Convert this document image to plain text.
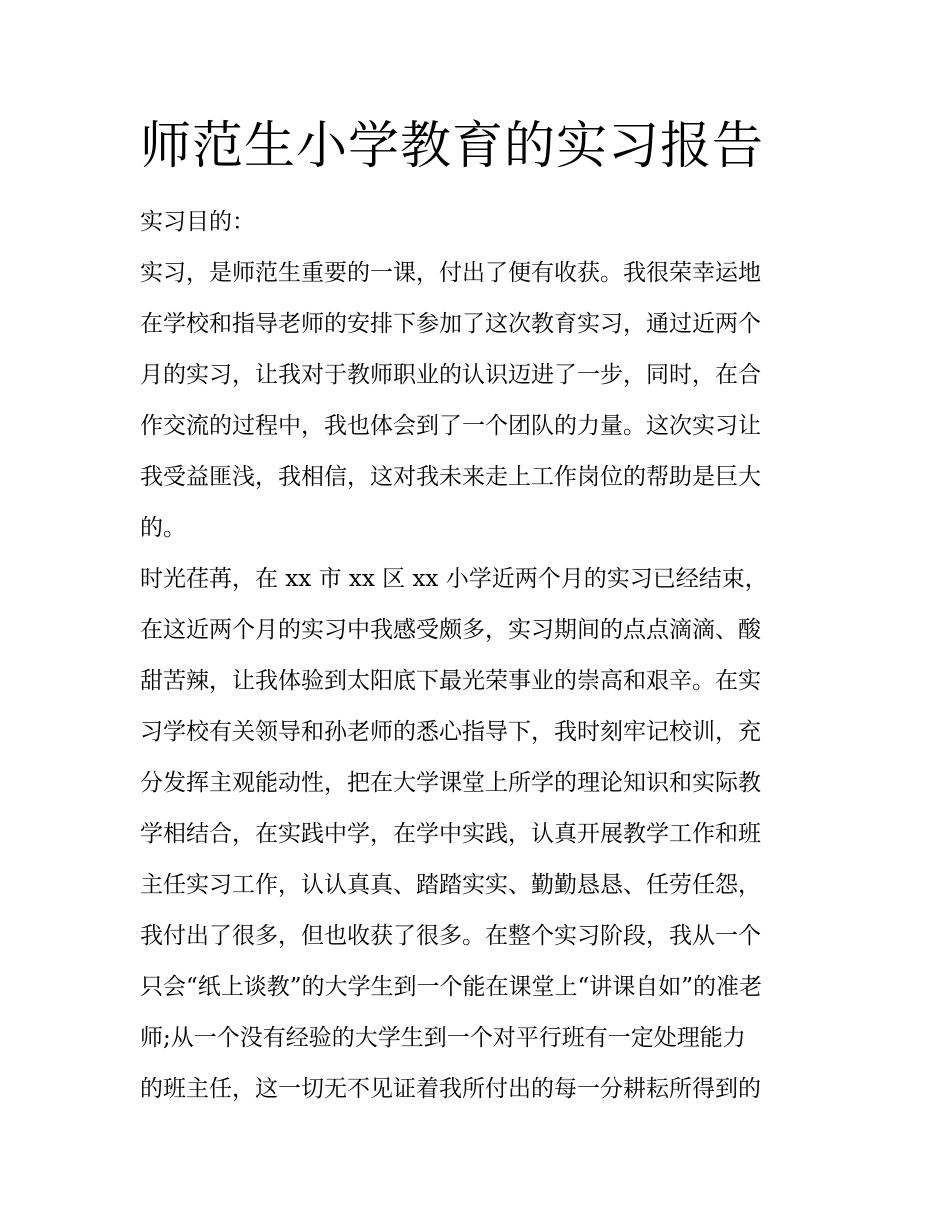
师范生小学教育的实习报告

实习目的：

实习，是师范生重要的一课，付出了便有收获。我很荣幸运地

在学校和指导老师的安排下参加了这次教育实习，通过近两个

月的实习，让我对于教师职业的认识迈进了一步，同时，在合

作交流的过程中，我也体会到了一个团队的力量。这次实习让

我受益匪浅，我相信，这对我未来走上工作岗位的帮助是巨大

的。

时光荏苒，在 xx 市 xx 区 xx 小学近两个月的实习已经结束，

在这近两个月的实习中我感受颇多，实习期间的点点滴滴、酸

甜苦辣，让我体验到太阳底下最光荣事业的崇高和艰辛。在实

习学校有关领导和孙老师的悉心指导下，我时刻牢记校训，充

分发挥主观能动性，把在大学课堂上所学的理论知识和实际教

学相结合，在实践中学，在学中实践，认真开展教学工作和班

主任实习工作，认认真真、踏踏实实、勤勤恳恳、任劳任怨，

我付出了很多，但也收获了很多。在整个实习阶段，我从一个

只会“纸上谈教”的大学生到一个能在课堂上“讲课自如”的准老

师;从一个没有经验的大学生到一个对平行班有一定处理能力

的班主任，这一切无不见证着我所付出的每一分耕耘所得到的
